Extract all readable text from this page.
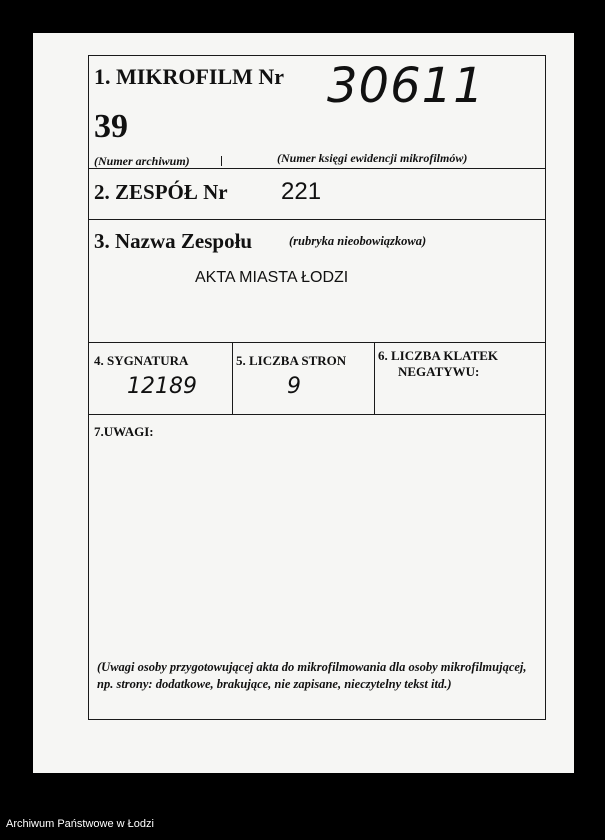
1. MIKROFILM Nr 30611
39
(Numer archiwum)	(Numer księgi ewidencji mikrofilmów)
2. ZESPÓŁ Nr 221
3. Nazwa Zespołu	(rubryka nieobowiązkowa)
AKTA MIASTA ŁODZI
4. SYGNATURA
12189
5. LICZBA STRON
9
6. LICZBA KLATEK
NEGATYWU:
7.UWAGI:
(Uwagi osoby przygotowującej akta do mikrofilmowania dla osoby mikrofilmującej, np. strony: dodatkowe, brakujące, nie zapisane, nieczytelny tekst itd.)
Archiwum Państwowe w Łodzi
